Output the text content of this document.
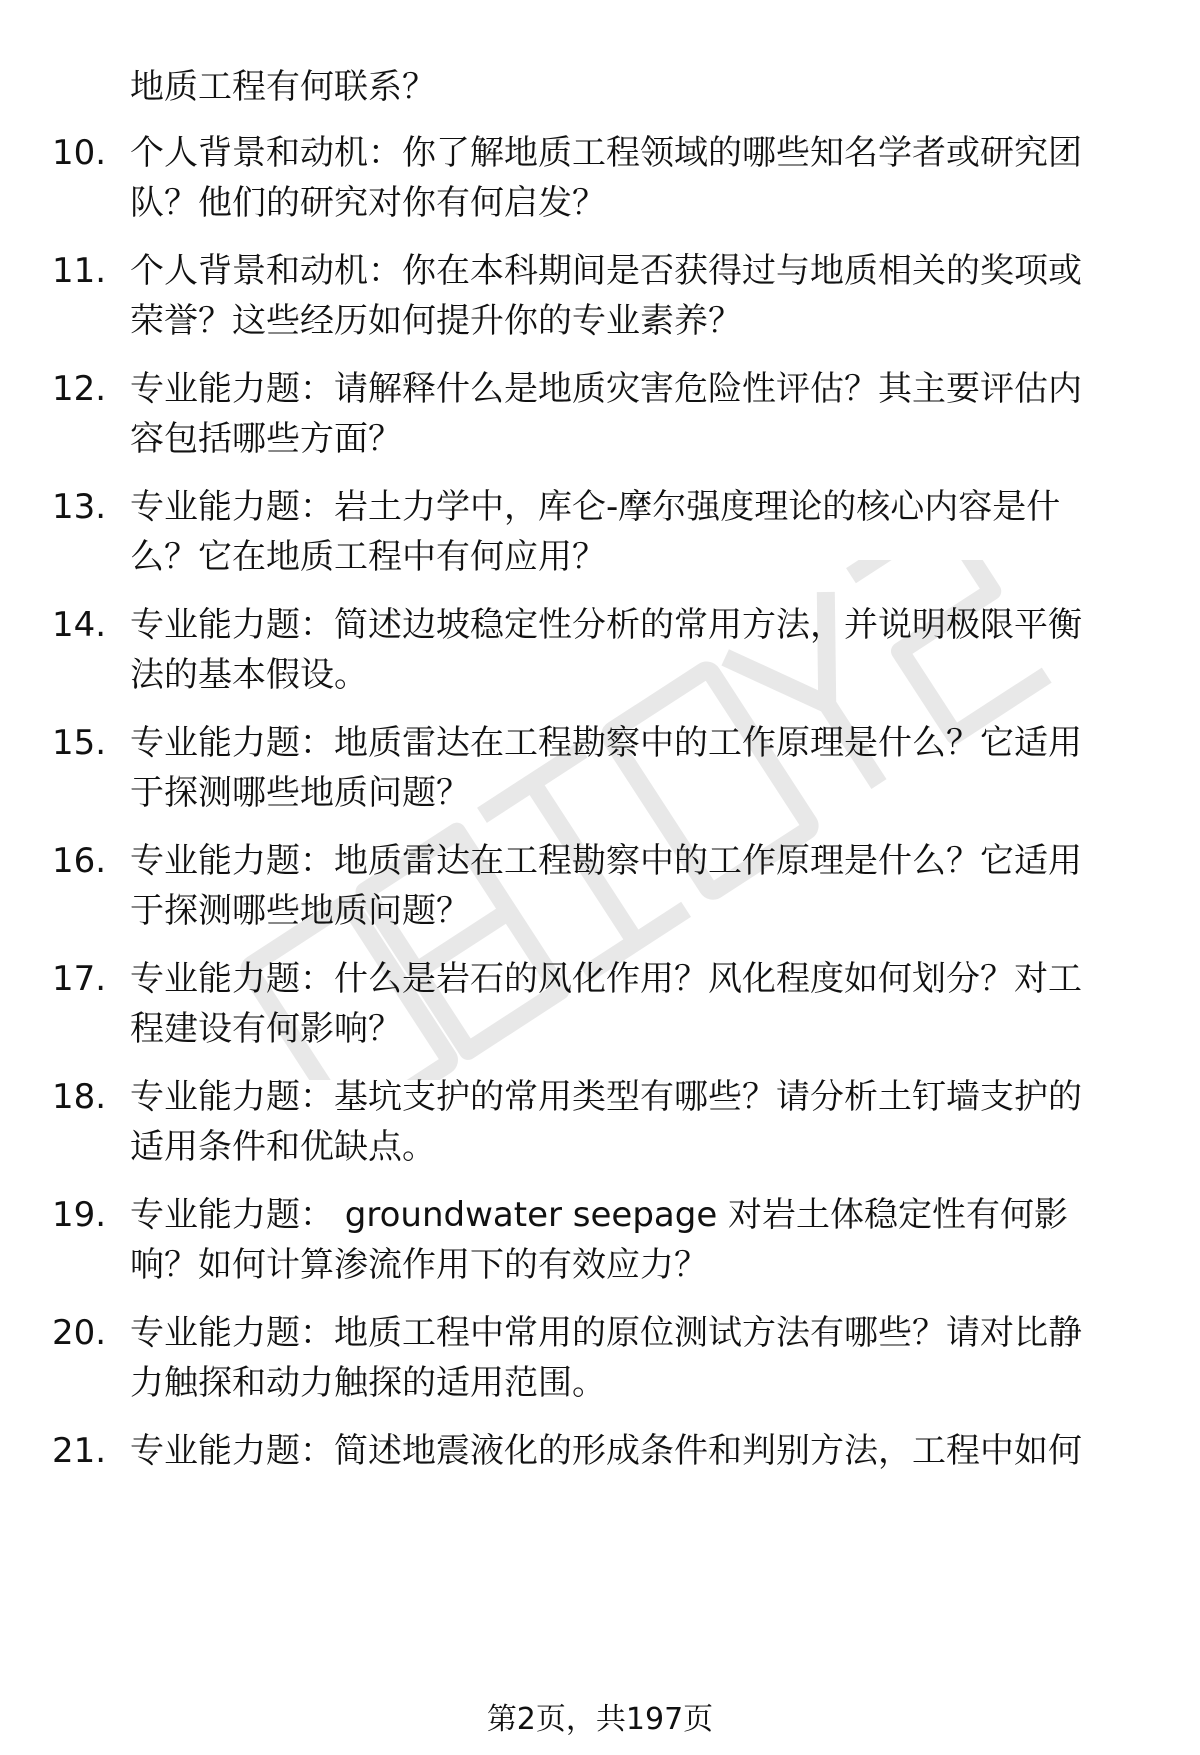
地质工程有何联系？
10. 个人背景和动机：你了解地质工程领域的哪些知名学者或研究团
队？他们的研究对你有何启发？
11. 个人背景和动机：你在本科期间是否获得过与地质相关的奖项或
荣誉？这些经历如何提升你的专业素养？
12. 专业能力题：请解释什么是地质灾害危险性评估？其主要评估内
容包括哪些方面？
13. 专业能力题：岩土力学中，库仑-摩尔强度理论的核心内容是什
么？它在地质工程中有何应用？
14. 专业能力题：简述边坡稳定性分析的常用方法，并说明极限平衡
法的基本假设。
15. 专业能力题：地质雷达在工程勘察中的工作原理是什么？它适用
于探测哪些地质问题？
16. 专业能力题：地质雷达在工程勘察中的工作原理是什么？它适用
于探测哪些地质问题？
17. 专业能力题：什么是岩石的风化作用？风化程度如何划分？对工
程建设有何影响？
18. 专业能力题：基坑支护的常用类型有哪些？请分析土钉墙支护的
适用条件和优缺点。
19. 专业能力题： groundwater seepage 对岩土体稳定性有何影
响？如何计算渗流作用下的有效应力？
20. 专业能力题：地质工程中常用的原位测试方法有哪些？请对比静
力触探和动力触探的适用范围。
21. 专业能力题：简述地震液化的形成条件和判别方法，工程中如何
第2页，共197页
